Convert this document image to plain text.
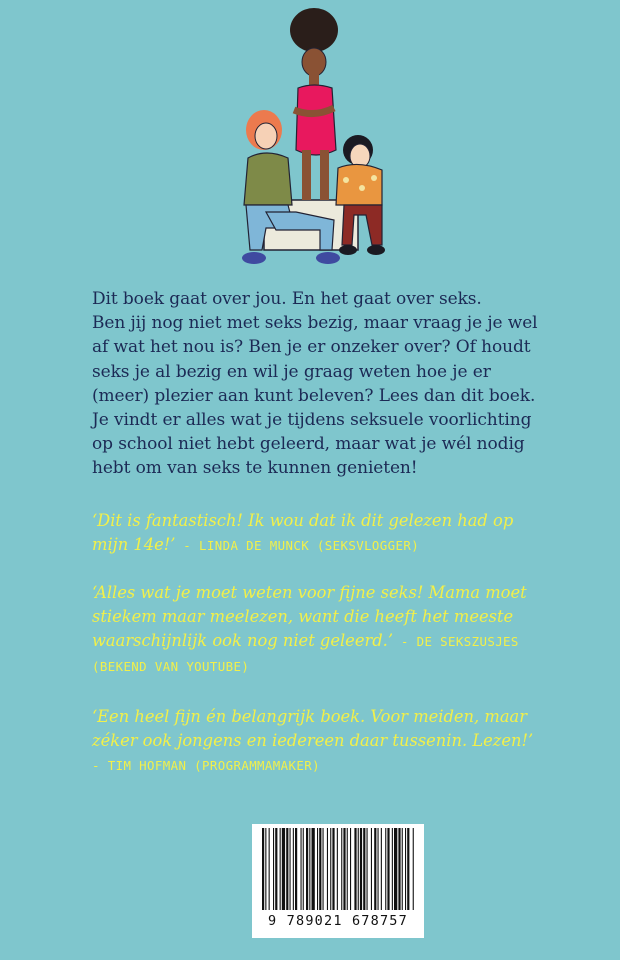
Dit boek gaat over jou. En het gaat over seks.

Ben jij nog niet met seks bezig, maar vraag je je wel

af wat het nou is? Ben je er onzeker over? Of houdt

seks je al bezig en wil je graag weten hoe je er

(meer) plezier aan kunt beleven? Lees dan dit boek.

Je vindt er alles wat je tijdens seksuele voorlichting

op school niet hebt geleerd, maar wat je wél nodig

hebt om van seks te kunnen genieten!

‘Dit is fantastisch! Ik wou dat ik dit gelezen had op
mijn 14e!’ - LINDA DE MUNCK (SEKSVLOGGER)
‘Alles wat je moet weten voor fijne seks! Mama moet
stiekem maar meelezen, want die heeft het meeste
waarschijnlijk ook nog niet geleerd.’ - DE SEKSZUSJES
(BEKEND VAN YOUTUBE)
‘Een heel fijn én belangrijk boek. Voor meiden, maar
zéker ook jongens en iedereen daar tussenin. Lezen!’
- TIM HOFMAN (PROGRAMMAMAKER)
9 789021 678757
